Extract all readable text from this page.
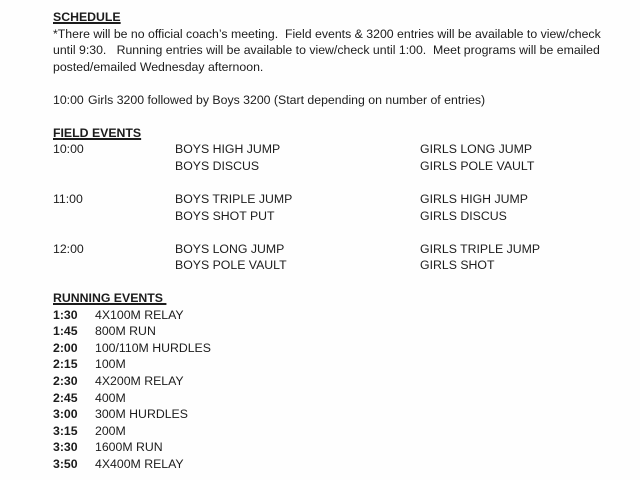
SCHEDULE
*There will be no official coach’s meeting.  Field events & 3200 entries will be available to view/check
until 9:30.   Running entries will be available to view/check until 1:00.  Meet programs will be emailed
posted/emailed Wednesday afternoon.
10:00 Girls 3200 followed by Boys 3200 (Start depending on number of entries)
FIELD EVENTS
10:00	BOYS HIGH JUMP	GIRLS LONG JUMP
BOYS DISCUS	GIRLS POLE VAULT
11:00	BOYS TRIPLE JUMP	GIRLS HIGH JUMP
BOYS SHOT PUT	GIRLS DISCUS
12:00	BOYS LONG JUMP	GIRLS TRIPLE JUMP
BOYS POLE VAULT	GIRLS SHOT
RUNNING EVENTS
1:30	4X100M RELAY
1:45	800M RUN
2:00	100/110M HURDLES
2:15	100M
2:30	4X200M RELAY
2:45	400M
3:00	300M HURDLES
3:15	200M
3:30	1600M RUN
3:50	4X400M RELAY
